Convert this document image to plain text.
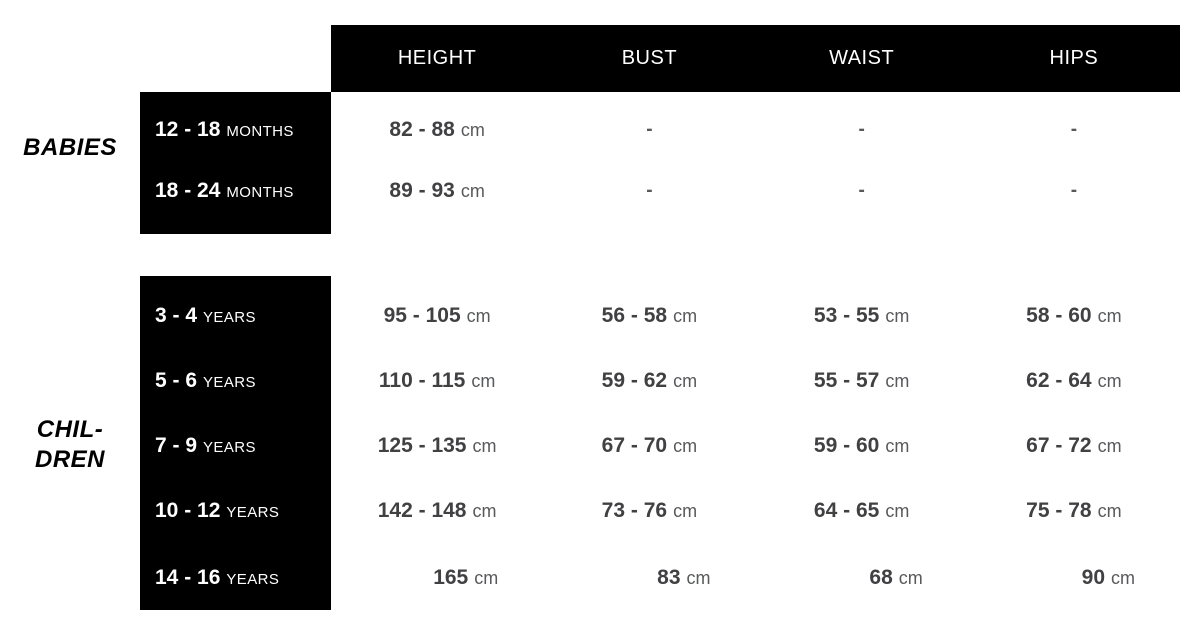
HEIGHT	BUST	WAIST	HIPS
BABIES
12 - 18 MONTHS	82 - 88 cm	-	-	-
18 - 24 MONTHS	89 - 93 cm	-	-	-
CHIL-
DREN
3 - 4 YEARS	95 - 105 cm	56 - 58 cm	53 - 55 cm	58 - 60 cm
5 - 6 YEARS	110 - 115 cm	59 - 62 cm	55 - 57 cm	62 - 64 cm
7 - 9 YEARS	125 - 135 cm	67 - 70 cm	59 - 60 cm	67 - 72 cm
10 - 12 YEARS	142 - 148 cm	73 - 76 cm	64 - 65 cm	75 - 78 cm
14 - 16 YEARS	165 cm	83 cm	68 cm	90 cm
